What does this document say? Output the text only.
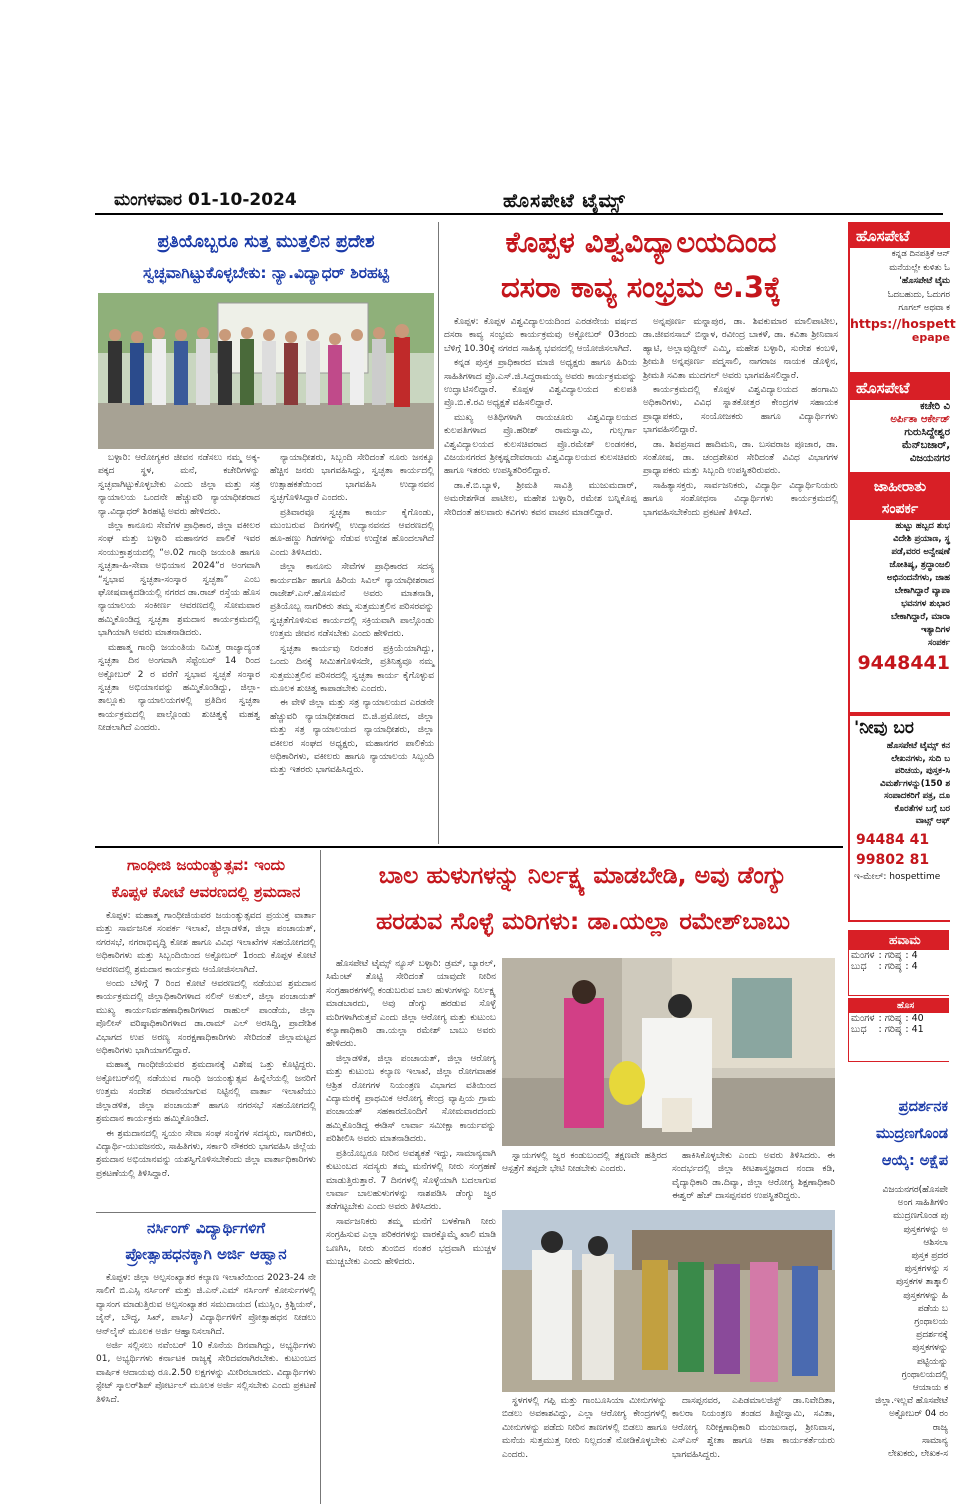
ಮಂಗಳವಾರ 01-10-2024	ಹೊಸಪೇಟೆ ಟೈಮ್ಸ್
ಪ್ರತಿಯೊಬ್ಬರೂ ಸುತ್ತ ಮುತ್ತಲಿನ ಪ್ರದೇಶ
ಸ್ವಚ್ಛವಾಗಿಟ್ಟುಕೊಳ್ಳಬೇಕು: ನ್ಯಾ.ವಿದ್ಯಾಧರ್ ಶಿರಹಟ್ಟಿ

ಬಳ್ಳಾರಿ: ಆರೋಗ್ಯಕರ ಜೀವನ ನಡೆಸಲು ನಮ್ಮ ಅಕ್ಕ-ಪಕ್ಕದ ಸ್ಥಳ, ಮನೆ, ಕಚೇರಿಗಳನ್ನು ಸ್ವಚ್ಛವಾಗಿಟ್ಟುಕೊಳ್ಳಬೇಕು ಎಂದು ಜಿಲ್ಲಾ ಮತ್ತು ಸತ್ರ ನ್ಯಾಯಾಲಯ ಒಂದನೇ ಹೆಚ್ಚುವರಿ ನ್ಯಾಯಾಧೀಶರಾದ ನ್ಯಾ.ವಿದ್ಯಾಧರ್ ಶಿರಹಟ್ಟಿ ಅವರು ಹೇಳಿದರು.

ಜಿಲ್ಲಾ ಕಾನೂನು ಸೇವೆಗಳ ಪ್ರಾಧಿಕಾರ, ಜಿಲ್ಲಾ ವಕೀಲರ ಸಂಘ ಮತ್ತು ಬಳ್ಳಾರಿ ಮಹಾನಗರ ಪಾಲಿಕೆ ಇವರ ಸಂಯುಕ್ತಾಶ್ರಯದಲ್ಲಿ “ಅ.02 ಗಾಂಧಿ ಜಯಂತಿ ಹಾಗೂ ಸ್ವಚ್ಛತಾ-ಹಿ-ಸೇವಾ ಅಭಿಯಾನ 2024”ರ ಅಂಗವಾಗಿ “ಸ್ವಭಾವ ಸ್ವಚ್ಛತಾ-ಸಂಸ್ಕಾರ ಸ್ವಚ್ಛತಾ” ಎಂಬ ಘೋಷವಾಕ್ಯದಡಿಯಲ್ಲಿ ನಗರದ ಡಾ.ರಾಜ್ ರಸ್ತೆಯ ಹೊಸ ನ್ಯಾಯಾಲಯ ಸಂಕೀರ್ಣ ಆವರಣದಲ್ಲಿ ಸೋಮವಾರ ಹಮ್ಮಿಕೊಂಡಿದ್ದ ಸ್ವಚ್ಛತಾ ಶ್ರಮದಾನ ಕಾರ್ಯಕ್ರಮದಲ್ಲಿ ಭಾಗಿಯಾಗಿ ಅವರು ಮಾತನಾಡಿದರು.

ಮಹಾತ್ಮ ಗಾಂಧಿ ಜಯಂತಿಯ ನಿಮಿತ್ತ ರಾಜ್ಯಾದ್ಯಂತ ಸ್ವಚ್ಛತಾ ದಿನ ಅಂಗವಾಗಿ ಸೆಪ್ಟೆಂಬರ್ 14 ರಿಂದ ಅಕ್ಟೋಬರ್ 2 ರ ವರೆಗೆ ಸ್ವಭಾವ ಸ್ವಚ್ಛತೆ ಸಂಸ್ಕಾರ ಸ್ವಚ್ಛತಾ ಅಭಿಯಾನವನ್ನು ಹಮ್ಮಿಕೊಂಡಿದ್ದು, ಜಿಲ್ಲಾ-ತಾಲ್ಲೂಕು ನ್ಯಾಯಾಲಯಗಳಲ್ಲಿ ಪ್ರತಿದಿನ ಸ್ವಚ್ಛತಾ ಕಾರ್ಯಕ್ರಮದಲ್ಲಿ ಪಾಲ್ಗೊಂಡು ಶುಚಿತ್ವಕ್ಕೆ ಮಹತ್ವ ನೀಡಲಾಗಿದೆ ಎಂದರು.

ನ್ಯಾಯಾಧೀಶರು, ಸಿಬ್ಬಂದಿ ಸೇರಿದಂತೆ ನೂರು ಜನಕ್ಕೂ ಹೆಚ್ಚಿನ ಜನರು ಭಾಗವಹಿಸಿದ್ದು, ಸ್ವಚ್ಛತಾ ಕಾರ್ಯದಲ್ಲಿ ಉತ್ಸಾಹಕತೆಯಿಂದ ಭಾಗವಹಿಸಿ ಉದ್ಯಾನವನ ಸ್ವಚ್ಛಗೊಳಿಸಿದ್ದಾರೆ ಎಂದರು.

ಪ್ರತಿವಾರವೂ ಸ್ವಚ್ಛತಾ ಕಾರ್ಯ ಕೈಗೊಂಡು, ಮುಂಬರುವ ದಿನಗಳಲ್ಲಿ ಉದ್ಯಾನವನದ ಆವರಣದಲ್ಲಿ ಹೂ-ಹಣ್ಣು ಗಿಡಗಳನ್ನು ನೆಡುವ ಉದ್ದೇಶ ಹೊಂದಲಾಗಿದೆ ಎಂದು ತಿಳಿಸಿದರು.

ಜಿಲ್ಲಾ ಕಾನೂನು ಸೇವೆಗಳ ಪ್ರಾಧಿಕಾರದ ಸದಸ್ಯ ಕಾರ್ಯದರ್ಶಿ ಹಾಗೂ ಹಿರಿಯ ಸಿವಿಲ್ ನ್ಯಾಯಾಧೀಶರಾದ ರಾಜೇಶ್.ಎನ್.ಹೊಸಮನೆ ಅವರು ಮಾತನಾಡಿ, ಪ್ರತಿಯೊಬ್ಬ ನಾಗರಿಕರು ತಮ್ಮ ಸುತ್ತಮುತ್ತಲಿನ ಪರಿಸರವನ್ನು ಸ್ವಚ್ಛತೆಗೊಳಿಸುವ ಕಾರ್ಯದಲ್ಲಿ ಸಕ್ರಿಯವಾಗಿ ಪಾಲ್ಗೊಂಡು ಉತ್ತಮ ಜೀವನ ನಡೆಸಬೇಕು ಎಂದು ಹೇಳಿದರು.

ಸ್ವಚ್ಛತಾ ಕಾರ್ಯವು ನಿರಂತರ ಪ್ರಕ್ರಿಯೆಯಾಗಿದ್ದು, ಒಂದು ದಿನಕ್ಕೆ ಸೀಮಿತಗೊಳಿಸದೇ, ಪ್ರತಿನಿತ್ಯವೂ ನಮ್ಮ ಸುತ್ತಮುತ್ತಲಿನ ಪರಿಸರದಲ್ಲಿ ಸ್ವಚ್ಛತಾ ಕಾರ್ಯ ಕೈಗೊಳ್ಳುವ ಮೂಲಕ ಶುಚಿತ್ವ ಕಾಪಾಡಬೇಕು ಎಂದರು.

ಈ ವೇಳೆ ಜಿಲ್ಲಾ ಮತ್ತು ಸತ್ರ ನ್ಯಾಯಾಲಯದ ಎರಡನೇ ಹೆಚ್ಚುವರಿ ನ್ಯಾಯಾಧೀಶರಾದ ಬಿ.ಜಿ.ಪ್ರಮೋದ, ಜಿಲ್ಲಾ ಮತ್ತು ಸತ್ರ ನ್ಯಾಯಾಲಯದ ನ್ಯಾಯಾಧೀಶರು, ಜಿಲ್ಲಾ ವಕೀಲರ ಸಂಘದ ಅಧ್ಯಕ್ಷರು, ಮಹಾನಗರ ಪಾಲಿಕೆಯ ಅಧಿಕಾರಿಗಳು, ವಕೀಲರು ಹಾಗೂ ನ್ಯಾಯಾಲಯ ಸಿಬ್ಬಂದಿ ಮತ್ತು ಇತರರು ಭಾಗವಹಿಸಿದ್ದರು.

ಕೊಪ್ಪಳ ವಿಶ್ವವಿದ್ಯಾಲಯದಿಂದ
ದಸರಾ ಕಾವ್ಯ ಸಂಭ್ರಮ ಅ.3ಕ್ಕೆ

ಕೊಪ್ಪಳ: ಕೊಪ್ಪಳ ವಿಶ್ವವಿದ್ಯಾಲಯದಿಂದ ಎರಡನೇಯ ವರ್ಷದ ದಸರಾ ಕಾವ್ಯ ಸಂಭ್ರಮ ಕಾರ್ಯಕ್ರಮವು ಅಕ್ಟೋಬರ್ 03ರಂದು ಬೆಳಿಗ್ಗೆ 10.30ಕ್ಕೆ ನಗರದ ಸಾಹಿತ್ಯ ಭವನದಲ್ಲಿ ಆಯೋಜಿಸಲಾಗಿದೆ.

ಕನ್ನಡ ಪುಸ್ತಕ ಪ್ರಾಧಿಕಾರದ ಮಾಜಿ ಅಧ್ಯಕ್ಷರು ಹಾಗೂ ಹಿರಿಯ ಸಾಹಿತಿಗಳಾದ ಪ್ರೊ.ಎಸ್.ಜಿ.ಸಿದ್ದರಾಮಯ್ಯ ಅವರು ಕಾರ್ಯಕ್ರಮವನ್ನು ಉದ್ಘಾಟಿಸಲಿದ್ದಾರೆ. ಕೊಪ್ಪಳ ವಿಶ್ವವಿದ್ಯಾಲಯದ ಕುಲಪತಿ ಪ್ರೊ.ಬಿ.ಕೆ.ರವಿ ಅಧ್ಯಕ್ಷತೆ ವಹಿಸಲಿದ್ದಾರೆ.

ಮುಖ್ಯ ಅತಿಥಿಗಳಾಗಿ ರಾಯಚೂರು ವಿಶ್ವವಿದ್ಯಾಲಯದ ಕುಲಪತಿಗಳಾದ ಪ್ರೊ.ಹರೀಶ್ ರಾಮಸ್ವಾಮಿ, ಗುಲ್ಬರ್ಗಾ ವಿಶ್ವವಿದ್ಯಾಲಯದ ಕುಲಸಚಿವರಾದ ಪ್ರೊ.ರಮೇಶ್ ಲಂಡನಕರ, ವಿಜಯನಗರದ ಶ್ರೀಕೃಷ್ಣದೇವರಾಯ ವಿಶ್ವವಿದ್ಯಾಲಯದ ಕುಲಸಚಿವರು ಹಾಗೂ ಇತರರು ಉಪಸ್ಥಿತರಿರಲಿದ್ದಾರೆ.

ಡಾ.ಕೆ.ಬಿ.ಬ್ಯಾಳಿ, ಶ್ರೀಮತಿ ಸಾವಿತ್ರಿ ಮುಜುಮದಾರ್, ಅಮರೇಶಗೌಡ ಪಾಟೀಲ, ಮಹೇಶ ಬಳ್ಳಾರಿ, ರಮೇಶ ಬನ್ನಿಕೊಪ್ಪ ಸೇರಿದಂತೆ ಹಲವಾರು ಕವಿಗಳು ಕವನ ವಾಚನ ಮಾಡಲಿದ್ದಾರೆ.

ಅನ್ನಪೂರ್ಣ ಮನ್ನಾಪುರ, ಡಾ. ಶಿವಕುಮಾರ ಮಾಲಿಪಾಟೀಲ, ಡಾ.ಜೀವನಸಾಬ್ ಬಿನ್ನಾಳ, ರವೀಂದ್ರ ಬಾಕಳೆ, ಡಾ. ಕವಿತಾ ಶ್ರೀನಿವಾಸ ಹ್ಯಾಟಿ, ಅಲ್ಲಾವುದ್ದೀನ್ ಎಮ್ಮಿ, ಮಹೇಶ ಬಳ್ಳಾರಿ, ಸುರೇಶ ಕಂಬಳಿ, ಶ್ರೀಮತಿ ಅನ್ನಪೂರ್ಣ ಪದ್ಮಸಾಲಿ, ನಾಗರಾಜ ನಾಯಕ ಡೊಳ್ಳಿನ, ಶ್ರೀಮತಿ ಸವಿತಾ ಮುದಗಲ್ ಅವರು ಭಾಗವಹಿಸಲಿದ್ದಾರೆ.

ಕಾರ್ಯಕ್ರಮದಲ್ಲಿ ಕೊಪ್ಪಳ ವಿಶ್ವವಿದ್ಯಾಲಯದ ಹಂಗಾಮಿ ಅಧಿಕಾರಿಗಳು, ವಿವಿಧ ಸ್ನಾತಕೋತ್ತರ ಕೇಂದ್ರಗಳ ಸಹಾಯಕ ಪ್ರಾಧ್ಯಾಪಕರು, ಸಂಯೋಜಕರು ಹಾಗೂ ವಿದ್ಯಾರ್ಥಿಗಳು ಭಾಗವಹಿಸಲಿದ್ದಾರೆ.

ಡಾ. ಶಿವಪ್ರಸಾದ ಹಾದಿಮನಿ, ಡಾ. ಬಸವರಾಜ ಪೂಜಾರ, ಡಾ. ಸಂತೋಷ, ಡಾ. ಚಂದ್ರಶೇಖರ ಸೇರಿದಂತೆ ವಿವಿಧ ವಿಭಾಗಗಳ ಪ್ರಾಧ್ಯಾಪಕರು ಮತ್ತು ಸಿಬ್ಬಂದಿ ಉಪಸ್ಥಿತರಿರುವರು.

ಸಾಹಿತ್ಯಾಸಕ್ತರು, ಸಾರ್ವಜನಿಕರು, ವಿದ್ಯಾರ್ಥಿ ವಿದ್ಯಾರ್ಥಿನಿಯರು ಹಾಗೂ ಸಂಶೋಧನಾ ವಿದ್ಯಾರ್ಥಿಗಳು ಕಾರ್ಯಕ್ರಮದಲ್ಲಿ ಭಾಗವಹಿಸಬೇಕೆಂದು ಪ್ರಕಟಣೆ ತಿಳಿಸಿದೆ.

ಗಾಂಧೀಜಿ ಜಯಂತ್ಯುತ್ಸವ: ಇಂದು
ಕೊಪ್ಪಳ ಕೋಟೆ ಆವರಣದಲ್ಲಿ ಶ್ರಮದಾನ

ಕೊಪ್ಪಳ: ಮಹಾತ್ಮ ಗಾಂಧೀಜಿಯವರ ಜಯಂತ್ಯುತ್ಸವದ ಪ್ರಯುಕ್ತ ವಾರ್ತಾ ಮತ್ತು ಸಾರ್ವಜನಿಕ ಸಂಪರ್ಕ ಇಲಾಖೆ, ಜಿಲ್ಲಾಡಳಿತ, ಜಿಲ್ಲಾ ಪಂಚಾಯತ್, ನಗರಸಭೆ, ನಗರಾಭಿವೃದ್ಧಿ ಕೋಶ ಹಾಗೂ ವಿವಿಧ ಇಲಾಖೆಗಳ ಸಹಯೋಗದಲ್ಲಿ ಅಧಿಕಾರಿಗಳು ಮತ್ತು ಸಿಬ್ಬಂದಿಯಿಂದ ಅಕ್ಟೋಬರ್ 1ರಂದು ಕೊಪ್ಪಳ ಕೋಟೆ ಆವರಣದಲ್ಲಿ ಶ್ರಮದಾನ ಕಾರ್ಯಕ್ರಮ ಆಯೋಜಿಸಲಾಗಿದೆ.

ಅಂದು ಬೆಳಿಗ್ಗೆ 7 ರಿಂದ ಕೋಟೆ ಆವರಣದಲ್ಲಿ ನಡೆಯುವ ಶ್ರಮದಾನ ಕಾರ್ಯಕ್ರಮದಲ್ಲಿ ಜಿಲ್ಲಾಧಿಕಾರಿಗಳಾದ ನಲಿನ್ ಅತುಲ್, ಜಿಲ್ಲಾ ಪಂಚಾಯತ್ ಮುಖ್ಯ ಕಾರ್ಯನಿರ್ವಹಣಾಧಿಕಾರಿಗಳಾದ ರಾಹುಲ್ ಪಾಂಡೆಯ, ಜಿಲ್ಲಾ ಪೊಲೀಸ್ ವರಿಷ್ಠಾಧಿಕಾರಿಗಳಾದ ಡಾ.ರಾಮ್ ಎಲ್ ಅರಸಿದ್ದಿ, ಪ್ರಾದೇಶಿಕ ವಿಭಾಗದ ಉಪ ಅರಣ್ಯ ಸಂರಕ್ಷಣಾಧಿಕಾರಿಗಳು ಸೇರಿದಂತೆ ಜಿಲ್ಲಾಮಟ್ಟದ ಅಧಿಕಾರಿಗಳು ಭಾಗಿಯಾಗಲಿದ್ದಾರೆ.

ಮಹಾತ್ಮ ಗಾಂಧೀಜಿಯವರ ಶ್ರಮದಾನಕ್ಕೆ ವಿಶೇಷ ಒತ್ತು ಕೊಟ್ಟಿದ್ದರು. ಅಕ್ಟೋಬರ್‌ನಲ್ಲಿ ನಡೆಯುವ ಗಾಂಧಿ ಜಯಂತ್ಯುತ್ಸವ ಹಿನ್ನೆಲೆಯಲ್ಲಿ ಜನರಿಗೆ ಉತ್ತಮ ಸಂದೇಶ ರವಾನೆಯಾಗುವ ನಿಟ್ಟಿನಲ್ಲಿ ವಾರ್ತಾ ಇಲಾಖೆಯು ಜಿಲ್ಲಾಡಳಿತ, ಜಿಲ್ಲಾ ಪಂಚಾಯತ್ ಹಾಗೂ ನಗರಸಭೆ ಸಹಯೋಗದಲ್ಲಿ ಶ್ರಮದಾನ ಕಾರ್ಯಕ್ರಮ ಹಮ್ಮಿಕೊಂಡಿದೆ.

ಈ ಶ್ರಮದಾನದಲ್ಲಿ ಸ್ವಯಂ ಸೇವಾ ಸಂಘ ಸಂಸ್ಥೆಗಳ ಸದಸ್ಯರು, ನಾಗರಿಕರು, ವಿದ್ಯಾರ್ಥಿ-ಯುವಜನರು, ಸಾಹಿತಿಗಳು, ಸರ್ಕಾರಿ ನೌಕರರು ಭಾಗವಹಿಸಿ ಜಿಲ್ಲೆಯ ಶ್ರಮದಾನ ಅಭಿಯಾನವನ್ನು ಯಶಸ್ವಿಗೊಳಿಸಬೇಕೆಂದು ಜಿಲ್ಲಾ ವಾರ್ತಾಧಿಕಾರಿಗಳು ಪ್ರಕಟಣೆಯಲ್ಲಿ ತಿಳಿಸಿದ್ದಾರೆ.

ನರ್ಸಿಂಗ್ ವಿದ್ಯಾರ್ಥಿಗಳಿಗೆ
ಪ್ರೋತ್ಸಾಹಧನಕ್ಕಾಗಿ ಅರ್ಜಿ ಆಹ್ವಾನ

ಕೊಪ್ಪಳ: ಜಿಲ್ಲಾ ಅಲ್ಪಸಂಖ್ಯಾತರ ಕಲ್ಯಾಣ ಇಲಾಖೆಯಿಂದ 2023-24 ನೇ ಸಾಲಿಗೆ ಬಿ.ಎಸ್ಸಿ ನರ್ಸಿಂಗ್ ಮತ್ತು ಜಿ.ಎನ್.ಎಮ್ ನರ್ಸಿಂಗ್ ಕೋರ್ಸುಗಳಲ್ಲಿ ವ್ಯಾಸಂಗ ಮಾಡುತ್ತಿರುವ ಅಲ್ಪಸಂಖ್ಯಾತರ ಸಮುದಾಯದ (ಮುಸ್ಲಿಂ, ಕ್ರಿಶ್ಚಿಯನ್, ಜೈನ್, ಬೌದ್ಧ, ಸಿಖ್, ಪಾರ್ಸಿ) ವಿದ್ಯಾರ್ಥಿಗಳಿಗೆ ಪ್ರೋತ್ಸಾಹಧನ ನೀಡಲು ಆನ್‌ಲೈನ್ ಮೂಲಕ ಅರ್ಜಿ ಆಹ್ವಾನಿಸಲಾಗಿದೆ.

ಅರ್ಜಿ ಸಲ್ಲಿಸಲು ನವೆಂಬರ್ 10 ಕೊನೆಯ ದಿನವಾಗಿದ್ದು, ಅಭ್ಯರ್ಥಿಗಳು 01, ಅಭ್ಯರ್ಥಿಗಳು ಕರ್ನಾಟಕ ರಾಜ್ಯಕ್ಕೆ ಸೇರಿದವರಾಗಿರಬೇಕು. ಕುಟುಂಬದ ವಾರ್ಷಿಕ ಆದಾಯವು ರೂ.2.50 ಲಕ್ಷಗಳನ್ನು ಮೀರಿರಬಾರದು. ವಿದ್ಯಾರ್ಥಿಗಳು ಸ್ಟೇಟ್ ಸ್ಕಾಲರ್‌ಶಿಪ್ ಪೋರ್ಟಲ್ ಮೂಲಕ ಅರ್ಜಿ ಸಲ್ಲಿಸಬೇಕು ಎಂದು ಪ್ರಕಟಣೆ ತಿಳಿಸಿದೆ.

ಬಾಲ ಹುಳುಗಳನ್ನು ನಿರ್ಲಕ್ಷ್ಯ ಮಾಡಬೇಡಿ, ಅವು ಡೆಂಗ್ಯು
ಹರಡುವ ಸೊಳ್ಳೆ ಮರಿಗಳು: ಡಾ.ಯಲ್ಲಾ ರಮೇಶ್‌ಬಾಬು

ಹೊಸಪೇಟೆ ಟೈಮ್ಸ್ ನ್ಯೂಸ್ ಬಳ್ಳಾರಿ: ಡ್ರಮ್, ಬ್ಯಾರಲ್, ಸಿಮೆಂಟ್ ತೊಟ್ಟಿ ಸೇರಿದಂತೆ ಯಾವುದೇ ನೀರಿನ ಸಂಗ್ರಹಾರಕಗಳಲ್ಲಿ ಕಂಡುಬರುವ ಬಾಲ ಹುಳುಗಳನ್ನು ನಿರ್ಲಕ್ಷ್ಯ ಮಾಡಬಾರದು, ಅವು ಡೆಂಗ್ಯು ಹರಡುವ ಸೊಳ್ಳೆ ಮರಿಗಳಾಗಿರುತ್ತವೆ ಎಂದು ಜಿಲ್ಲಾ ಆರೋಗ್ಯ ಮತ್ತು ಕುಟುಂಬ ಕಲ್ಯಾಣಾಧಿಕಾರಿ ಡಾ.ಯಲ್ಲಾ ರಮೇಶ್ ಬಾಬು ಅವರು ಹೇಳಿದರು.

ಜಿಲ್ಲಾಡಳಿತ, ಜಿಲ್ಲಾ ಪಂಚಾಯತ್, ಜಿಲ್ಲಾ ಆರೋಗ್ಯ ಮತ್ತು ಕುಟುಂಬ ಕಲ್ಯಾಣ ಇಲಾಖೆ, ಜಿಲ್ಲಾ ರೋಗವಾಹಕ ಆಶ್ರಿತ ರೋಗಗಳ ನಿಯಂತ್ರಣ ವಿಭಾಗದ ವತಿಯಿಂದ ವಿದ್ಯಾಮಠಕ್ಕೆ ಪ್ರಾಥಮಿಕ ಆರೋಗ್ಯ ಕೇಂದ್ರ ವ್ಯಾಪ್ತಿಯ ಗ್ರಾಮ ಪಂಚಾಯತ್ ಸಹಕಾರದೊಂದಿಗೆ ಸೋಮವಾರದಂದು ಹಮ್ಮಿಕೊಂಡಿದ್ದ ಈಡಿಸ್ ಲಾರ್ವಾ ಸಮೀಕ್ಷಾ ಕಾರ್ಯವನ್ನು ಪರಿಶೀಲಿಸಿ ಅವರು ಮಾತನಾಡಿದರು.

ಪ್ರತಿಯೊಬ್ಬರೂ ನೀರಿನ ಅವಶ್ಯಕತೆ ಇದ್ದು, ಸಾಮಾನ್ಯವಾಗಿ ಕುಟುಂಬದ ಸದಸ್ಯರು ತಮ್ಮ ಮನೆಗಳಲ್ಲಿ ನೀರು ಸಂಗ್ರಹಣೆ ಮಾಡುತ್ತಿರುತ್ತಾರೆ. 7 ದಿನಗಳಲ್ಲಿ ಸೊಳ್ಳೆಯಾಗಿ ಬದಲಾಗುವ ಲಾರ್ವಾ ಬಾಲಹುಳುಗಳನ್ನು ನಾಶಪಡಿಸಿ ಡೆಂಗ್ಯು ಜ್ವರ ತಡೆಗಟ್ಟಬೇಕು ಎಂದು ಅವರು ತಿಳಿಸಿದರು.

ಸಾರ್ವಜನಿಕರು ತಮ್ಮ ಮನೆಗೆ ಬಳಕೆಗಾಗಿ ನೀರು ಸಂಗ್ರಹಿಸುವ ಎಲ್ಲಾ ಪರಿಕರಗಳನ್ನು ವಾರಕ್ಕೊಮ್ಮೆ ಖಾಲಿ ಮಾಡಿ ಒಣಗಿಸಿ, ನೀರು ತುಂಬಿದ ನಂತರ ಭದ್ರವಾಗಿ ಮುಚ್ಚಳ ಮುಚ್ಚಬೇಕು ಎಂದು ಹೇಳಿದರು.

ಸ್ವಾಯಗಳಲ್ಲಿ ಜ್ವರ ಕಂಡುಬಂದಲ್ಲಿ ತಕ್ಷಣವೇ ಹತ್ತಿರದ ಆಸ್ಪತ್ರೆಗೆ ತಪ್ಪದೇ ಭೇಟಿ ನೀಡಬೇಕು ಎಂದರು.

ಹಾಕಿಸಿಕೊಳ್ಳಬೇಕು ಎಂದು ಅವರು ತಿಳಿಸಿದರು. ಈ ಸಂದರ್ಭದಲ್ಲಿ ಜಿಲ್ಲಾ ಕೀಟಶಾಸ್ತ್ರಜ್ಞರಾದ ನಂದಾ ಕಡಿ, ವೈದ್ಯಾಧಿಕಾರಿ ಡಾ.ದಿವ್ಯಾ, ಜಿಲ್ಲಾ ಆರೋಗ್ಯ ಶಿಕ್ಷಣಾಧಿಕಾರಿ ಈಶ್ವರ್ ಹೆಚ್ ದಾಸಪ್ಪನವರ ಉಪಸ್ಥಿತರಿದ್ದರು.

ಸ್ಥಳಗಳಲ್ಲಿ ಗಪ್ಪಿ ಮತ್ತು ಗಾಂಬೂಸಿಯಾ ಮೀನುಗಳನ್ನು ಬಿಡಲು ಅವಕಾಶವಿದ್ದು, ಎಲ್ಲಾ ಆರೋಗ್ಯ ಕೇಂದ್ರಗಳಲ್ಲಿ ಮೀನುಗಳನ್ನು ಪಡೆದು ನೀರಿನ ತಾಣಗಳಲ್ಲಿ ಬಿಡಲು ಹಾಗೂ ಮನೆಯ ಸುತ್ತಮುತ್ತ ನೀರು ನಿಲ್ಲದಂತೆ ನೋಡಿಕೊಳ್ಳಬೇಕು ಎಂದರು.

ದಾಸಪ್ಪನವರ, ಎಪಿಡಮಾಲಜಿಸ್ಟ್ ಡಾ.ನಿವೇದಿತಾ, ಕಾಲರಾ ನಿಯಂತ್ರಣ ತಂಡದ ತಿಪ್ಪೇಸ್ವಾಮಿ, ಸವಿತಾ, ಆರೋಗ್ಯ ನಿರೀಕ್ಷಣಾಧಿಕಾರಿ ಮಂಜುನಾಥ, ಶ್ರೀನಿವಾಸ, ಎಸ್‌ಎನ್ ಶ್ವೇತಾ ಹಾಗೂ ಆಶಾ ಕಾರ್ಯಕರ್ತೆಯರು ಭಾಗವಹಿಸಿದ್ದರು.

ಹೊಸಪೇಟೆ
ಕನ್ನಡ ದಿನಪತ್ರಿಕೆ ಆನ್
ಮನೆಯಲ್ಲೇ ಕುಳಿತು ಓ
'ಹೊಸಪೇಟೆ ಟೈಮ
ಓದಬಹುದು, ಓದುಗರ
ಗೂಗಲ್ ಅಥವಾ ಕ
https://hospett
epape
ಹೊಸಪೇಟೆ
ಕಚೇರಿ ವಿ
ಅರ್ಪಿತಾ ಆರ್ಕೇಡ್
ಗುರುಸಿದ್ದೇಶ್ವರ
ಮೆನ್‌ಬಜಾರ್,
ವಿಜಯನಗರ
ಜಾಹೀರಾತು
ಸಂಪರ್ಕ
ಹುಟ್ಟು ಹಬ್ಬದ ಶುಭ
ವಿದೇಶಿ ಪ್ರಯಾಣ, ಸ್ಥ
ಪಡೆ,ವರರ ಅನ್ವೇಷಣೆ
ಜೋತಿಷ್ಯ, ಶ್ರದ್ಧಾಂಜಲಿ
ಅಭಿನಂದನೆಗಳು, ಜಾಹ
ಬೇಕಾಗಿದ್ದಾರೆ ವ್ಯಾಪಾ
ಭವನಗಳ ಶುಭಾರ
ಬೇಕಾಗಿದ್ದಾರೆ, ಮಾರಾ
ಇತ್ಯಾದಿಗಳ
ಸಂಪರ್ಕ
9448441
'ನೀವು ಬರ
ಹೊಸಪೇಟೆ ಟೈಮ್ಸ್ ಕನ
ಲೇಖನಗಳು, ಸುದಿ ಬ
ಪರಿಚಯ, ಪುಸ್ತಕ-ಸಿ
ವಿಮರ್ಶೆಗಳನ್ನು(150 ಶ
ಸಂಪಾದಕರಿಗೆ ಪತ್ರ, ದೂ
ಕೊರತೆಗಳ ಬಗ್ಗೆ ಬರ
ವಾಟ್ಸ್ ಆಫ್
94484 41
99802 81
ಇ-ಮೇಲ್: hospettime
ಹವಾಮ
ಮಂಗಳ	: ಗರಿಷ್ಠ	: 4
ಬುಧ	: ಗರಿಷ್ಠ	: 4
ಹೊಸ
ಮಂಗಳ	: ಗರಿಷ್ಠ	: 40
ಬುಧ	: ಗರಿಷ್ಠ	: 41
ಪ್ರದರ್ಶನಕ
ಮುದ್ರಣಗೊಂಡ
ಆಯ್ಕೆ: ಅಕ್ಷೆಪ
ವಿಜಯನಗರ(ಹೊಸಪೇ
ಅಂಗ ಸಾಹಿತಿಗಳಿಂ
ಮುದ್ರಣಗೊಂಡ ಪು
ಪುಸ್ತಕಗಳನ್ನು ಅ
ಆಶಿಸಲಾ
ಪುಸ್ತಕ ಪ್ರದರ
ಪುಸ್ತಕಗಳನ್ನು ಸ
ಪುಸ್ತಕಗಳ ತಾತ್ಕಾಲಿ
ಪುಸ್ತಕಗಳನ್ನು ಹಿ
ಪಡೆಯ ಬ
ಗ್ರಂಥಾಲಯ
ಪ್ರದರ್ಶನಕ್ಕೆ
ಪುಸ್ತಕಗಳನ್ನು
ಪಟ್ಟಿಯನ್ನು
ಗ್ರಂಥಾಲಯದಲ್ಲಿ
ಆಯಾಯ ಕ
ಜಿಲ್ಲಾ.ಇಲ್ಲವೆ ಹೊಸಪೇಟೆ
ಅಕ್ಟೋಬರ್ 04 ರಂ
ರಾಜ್ಯ
ಸಾಮಾನ್ಯ
ಲೇಖಕರು, ಲೇಖಕ-ಸ
